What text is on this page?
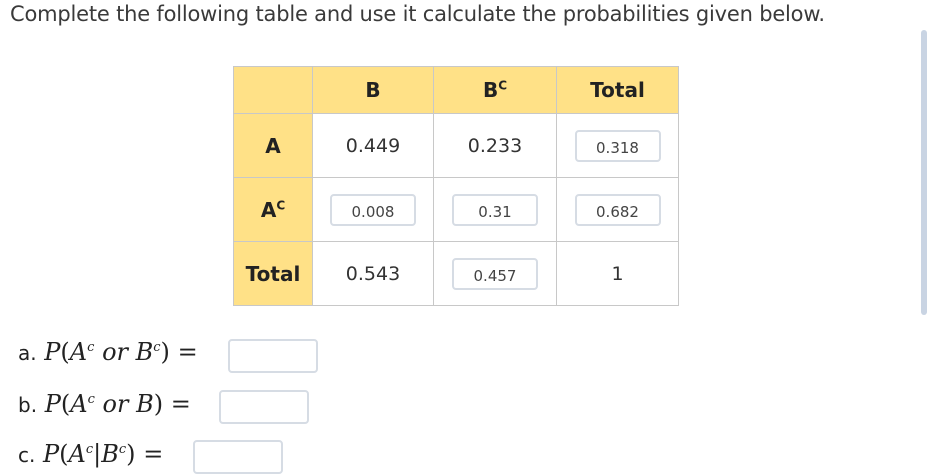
Complete the following table and use it calculate the probabilities given below.
	B	$B^C$	Total
A	0.449	0.233	0.318
$A^C$	0.008	0.31	0.682
Total	0.543	0.457	1
a. $P(A^c$ or $B^c$) =
b. $P(A^c$ or B) =
c. $P(A^c|B^c)$ =
